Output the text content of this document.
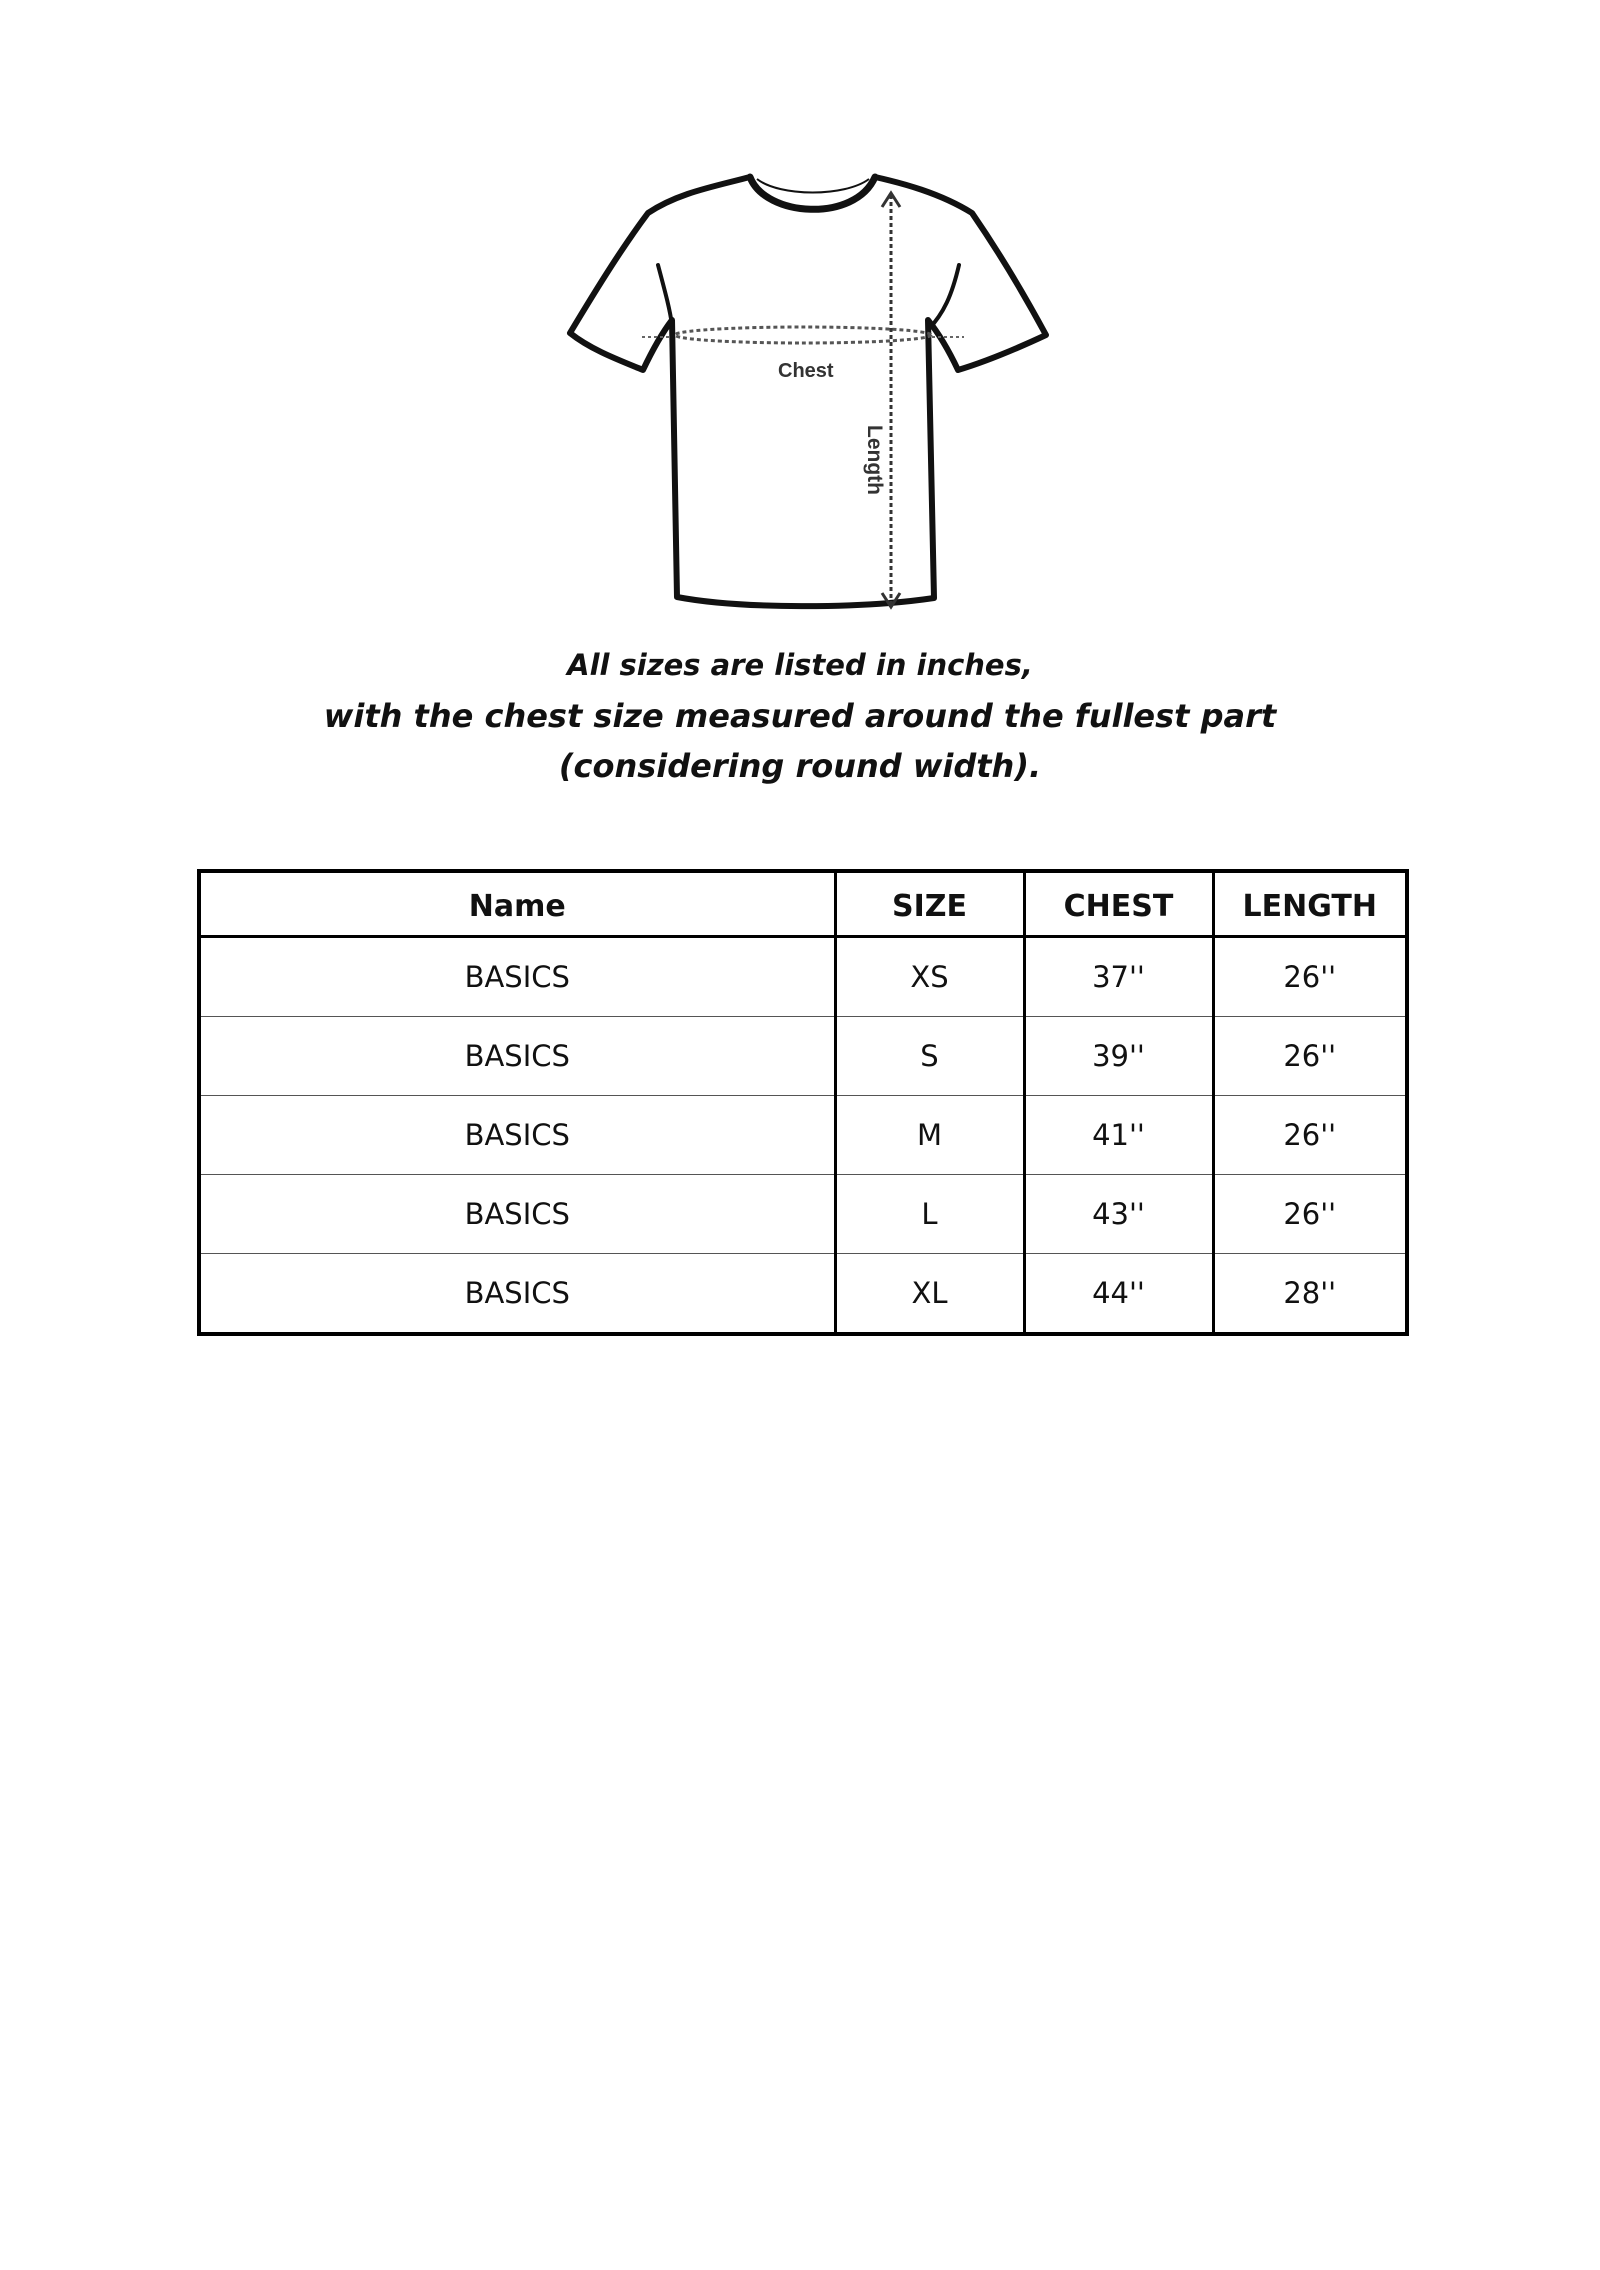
Chest
Length
All sizes are listed in inches,
with the chest size measured around the fullest part
(considering round width).
Name	SIZE	CHEST	LENGTH
BASICS	XS	37''	26''
BASICS	S	39''	26''
BASICS	M	41''	26''
BASICS	L	43''	26''
BASICS	XL	44''	28''
